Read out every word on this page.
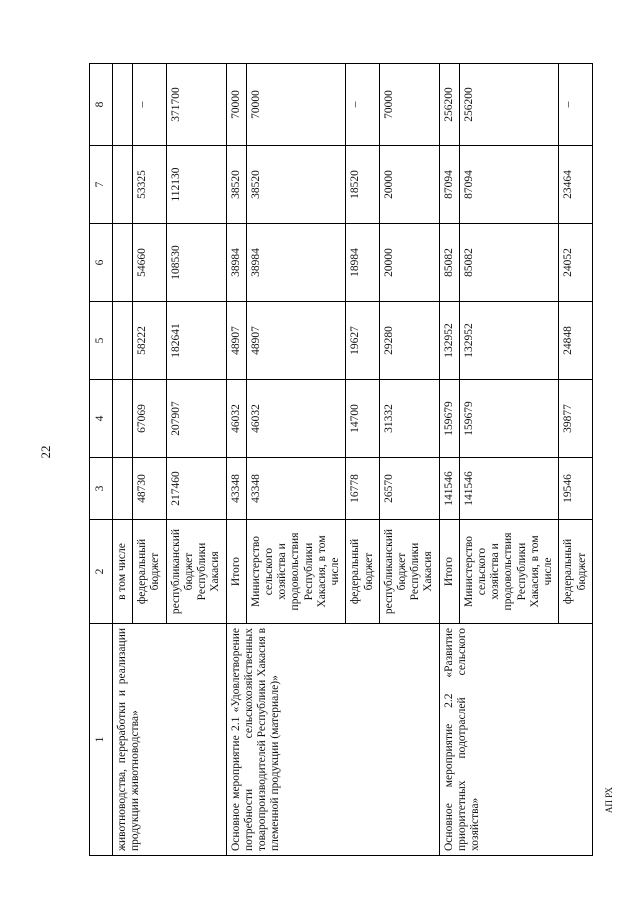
22
АП РХ
1	2	3	4	5	6	7	8
животноводства, переработки и реализации продукции животноводства»	в том числе						
	федеральный бюджет	48730	67069	58222	54660	53325	–
	республиканский бюджет Республики Хакасия	217460	207907	182641	108530	112130	371700
Основное мероприятие 2.1 «Удовлетворение потребности сельскохозяйственных товаропроизводителей Республики Хакасия в племенной продукции (материале)»	Итого	43348	46032	48907	38984	38520	70000
	Министерство сельского хозяйства и продовольствия Республики Хакасия, в том числе	43348	46032	48907	38984	38520	70000
	федеральный бюджет	16778	14700	19627	18984	18520	–
	республиканский бюджет Республики Хакасия	26570	31332	29280	20000	20000	70000
Основное мероприятие 2.2 «Развитие приоритетных подотраслей сельского хозяйства»	Итого	141546	159679	132952	85082	87094	256200
	Министерство сельского хозяйства и продовольствия Республики Хакасия, в том числе	141546	159679	132952	85082	87094	256200
	федеральный бюджет	19546	39877	24848	24052	23464	–
